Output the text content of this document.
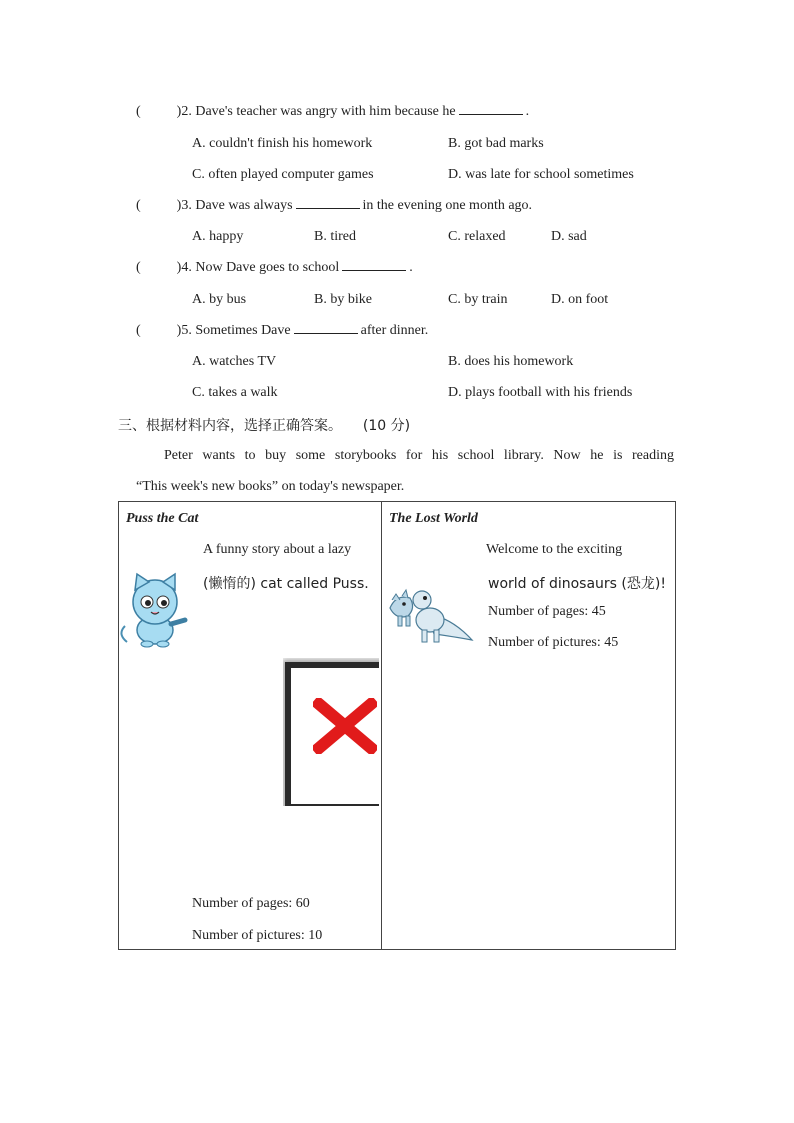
(	)2. Dave's teacher was angry with him because he	.
A. couldn't finish his homework	B. got bad marks
C. often played computer games	D. was late for school sometimes
(	)3. Dave was always	in the evening one month ago.
A. happy	B. tired	C. relaxed	D. sad
(	)4. Now Dave goes to school	.
A. by bus	B. by bike	C. by train	D. on foot
(	)5. Sometimes Dave	after dinner.
A. watches TV	B. does his homework
C. takes a walk	D. plays football with his friends
三、根据材料内容，选择正确答案。 (10 分)
Peter wants to buy some storybooks for his school library. Now he is reading
“This week's new books” on today's newspaper.
Puss the Cat
A funny story about a lazy
(懒惰的) cat called Puss.
Number of pages: 60
Number of pictures: 10

The Lost World
Welcome to the exciting
world of dinosaurs (恐龙)!
Number of pages: 45
Number of pictures: 45
